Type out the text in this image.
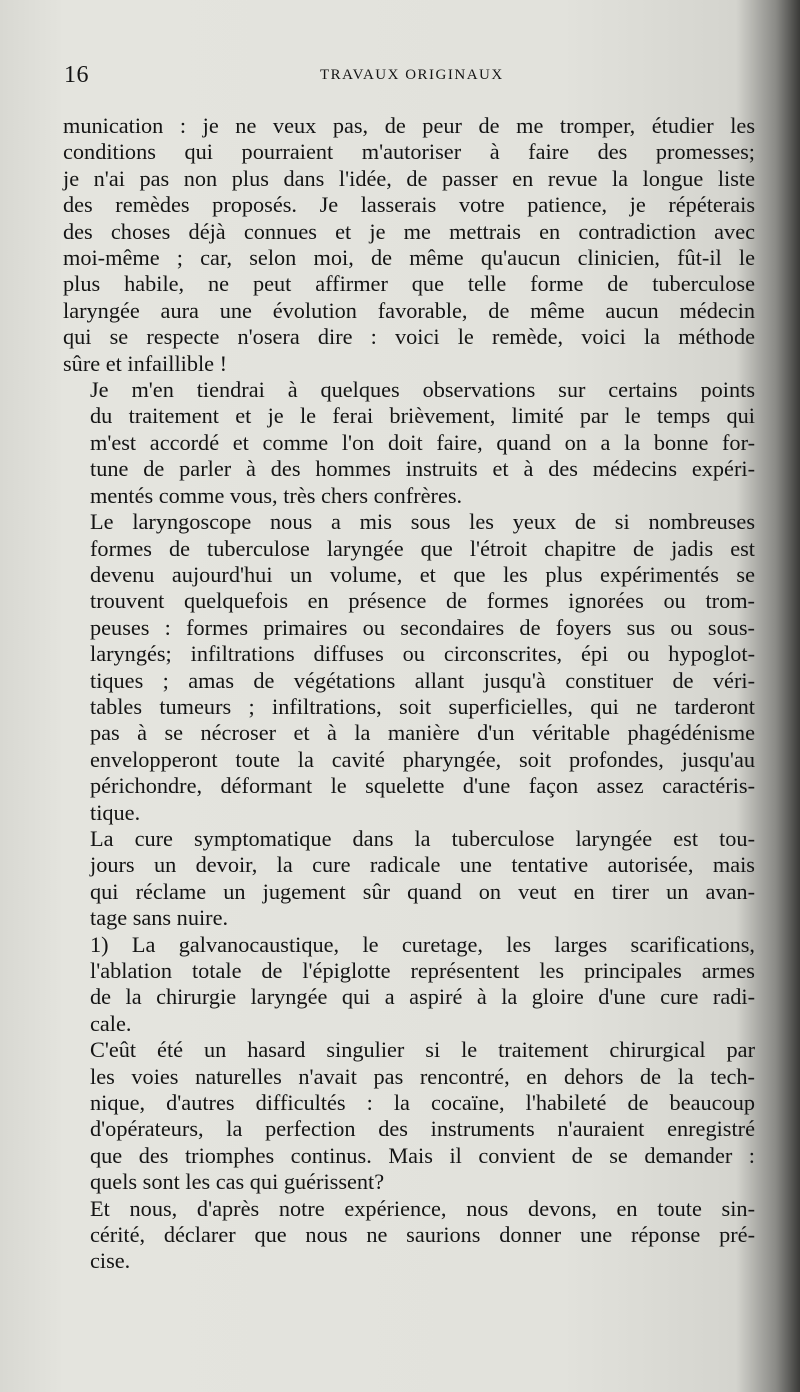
16	TRAVAUX ORIGINAUX
munication : je ne veux pas, de peur de me tromper, étudier les
conditions qui pourraient m'autoriser à faire des promesses;
je n'ai pas non plus dans l'idée, de passer en revue la longue liste
des remèdes proposés. Je lasserais votre patience, je répéterais
des choses déjà connues et je me mettrais en contradiction avec
moi-même ; car, selon moi, de même qu'aucun clinicien, fût-il le
plus habile, ne peut affirmer que telle forme de tuberculose
laryngée aura une évolution favorable, de même aucun médecin
qui se respecte n'osera dire : voici le remède, voici la méthode
sûre et infaillible !
Je m'en tiendrai à quelques observations sur certains points
du traitement et je le ferai brièvement, limité par le temps qui
m'est accordé et comme l'on doit faire, quand on a la bonne for-
tune de parler à des hommes instruits et à des médecins expéri-
mentés comme vous, très chers confrères.
Le laryngoscope nous a mis sous les yeux de si nombreuses
formes de tuberculose laryngée que l'étroit chapitre de jadis est
devenu aujourd'hui un volume, et que les plus expérimentés se
trouvent quelquefois en présence de formes ignorées ou trom-
peuses : formes primaires ou secondaires de foyers sus ou sous-
laryngés; infiltrations diffuses ou circonscrites, épi ou hypoglot-
tiques ; amas de végétations allant jusqu'à constituer de véri-
tables tumeurs ; infiltrations, soit superficielles, qui ne tarderont
pas à se nécroser et à la manière d'un véritable phagédénisme
envelopperont toute la cavité pharyngée, soit profondes, jusqu'au
périchondre, déformant le squelette d'une façon assez caractéris-
tique.
La cure symptomatique dans la tuberculose laryngée est tou-
jours un devoir, la cure radicale une tentative autorisée, mais
qui réclame un jugement sûr quand on veut en tirer un avan-
tage sans nuire.
1) La galvanocaustique, le curetage, les larges scarifications,
l'ablation totale de l'épiglotte représentent les principales armes
de la chirurgie laryngée qui a aspiré à la gloire d'une cure radi-
cale.
C'eût été un hasard singulier si le traitement chirurgical par
les voies naturelles n'avait pas rencontré, en dehors de la tech-
nique, d'autres difficultés : la cocaïne, l'habileté de beaucoup
d'opérateurs, la perfection des instruments n'auraient enregistré
que des triomphes continus. Mais il convient de se demander :
quels sont les cas qui guérissent?
Et nous, d'après notre expérience, nous devons, en toute sin-
cérité, déclarer que nous ne saurions donner une réponse pré-
cise.
